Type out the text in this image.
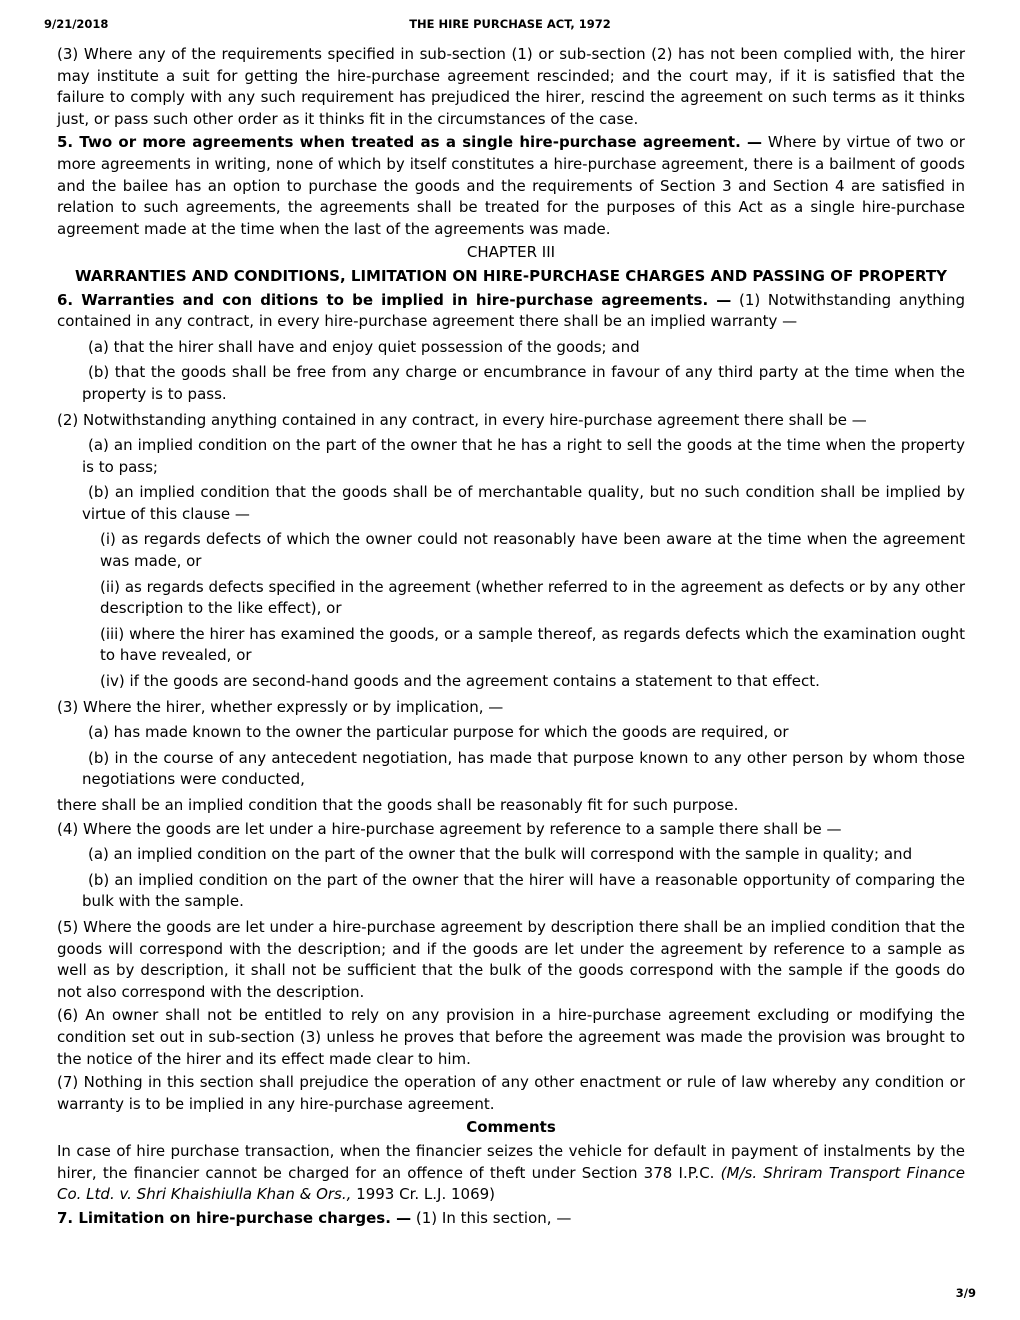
9/21/2018	THE HIRE PURCHASE ACT, 1972

(3) Where any of the requirements specified in sub-section (1) or sub-section (2) has not been complied with, the hirer may institute a suit for getting the hire-purchase agreement rescinded; and the court may, if it is satisfied that the failure to comply with any such requirement has prejudiced the hirer, rescind the agreement on such terms as it thinks just, or pass such other order as it thinks fit in the circumstances of the case.

5. Two or more agreements when treated as a single hire-purchase agreement. — Where by virtue of two or more agreements in writing, none of which by itself constitutes a hire-purchase agreement, there is a bailment of goods and the bailee has an option to purchase the goods and the requirements of Section 3 and Section 4 are satisfied in relation to such agreements, the agreements shall be treated for the purposes of this Act as a single hire-purchase agreement made at the time when the last of the agreements was made.

CHAPTER III

WARRANTIES AND CONDITIONS, LIMITATION ON HIRE-PURCHASE CHARGES AND PASSING OF PROPERTY

6. Warranties and con ditions to be implied in hire-purchase agreements. — (1) Notwithstanding anything contained in any contract, in every hire-purchase agreement there shall be an implied warranty —

(a) that the hirer shall have and enjoy quiet possession of the goods; and

(b) that the goods shall be free from any charge or encumbrance in favour of any third party at the time when the property is to pass.

(2) Notwithstanding anything contained in any contract, in every hire-purchase agreement there shall be —

(a) an implied condition on the part of the owner that he has a right to sell the goods at the time when the property is to pass;

(b) an implied condition that the goods shall be of merchantable quality, but no such condition shall be implied by virtue of this clause —

(i) as regards defects of which the owner could not reasonably have been aware at the time when the agreement was made, or

(ii) as regards defects specified in the agreement (whether referred to in the agreement as defects or by any other description to the like effect), or

(iii) where the hirer has examined the goods, or a sample thereof, as regards defects which the examination ought to have revealed, or

(iv) if the goods are second-hand goods and the agreement contains a statement to that effect.

(3) Where the hirer, whether expressly or by implication, —

(a) has made known to the owner the particular purpose for which the goods are required, or

(b) in the course of any antecedent negotiation, has made that purpose known to any other person by whom those negotiations were conducted,

there shall be an implied condition that the goods shall be reasonably fit for such purpose.

(4) Where the goods are let under a hire-purchase agreement by reference to a sample there shall be —

(a) an implied condition on the part of the owner that the bulk will correspond with the sample in quality; and

(b) an implied condition on the part of the owner that the hirer will have a reasonable opportunity of comparing the bulk with the sample.

(5) Where the goods are let under a hire-purchase agreement by description there shall be an implied condition that the goods will correspond with the description; and if the goods are let under the agreement by reference to a sample as well as by description, it shall not be sufficient that the bulk of the goods correspond with the sample if the goods do not also correspond with the description.

(6) An owner shall not be entitled to rely on any provision in a hire-purchase agreement excluding or modifying the condition set out in sub-section (3) unless he proves that before the agreement was made the provision was brought to the notice of the hirer and its effect made clear to him.

(7) Nothing in this section shall prejudice the operation of any other enactment or rule of law whereby any condition or warranty is to be implied in any hire-purchase agreement.

Comments

In case of hire purchase transaction, when the financier seizes the vehicle for default in payment of instalments by the hirer, the financier cannot be charged for an offence of theft under Section 378 I.P.C. (M/s. Shriram Transport Finance Co. Ltd. v. Shri Khaishiulla Khan & Ors., 1993 Cr. L.J. 1069)

7. Limitation on hire-purchase charges. — (1) In this section, —

3/9
